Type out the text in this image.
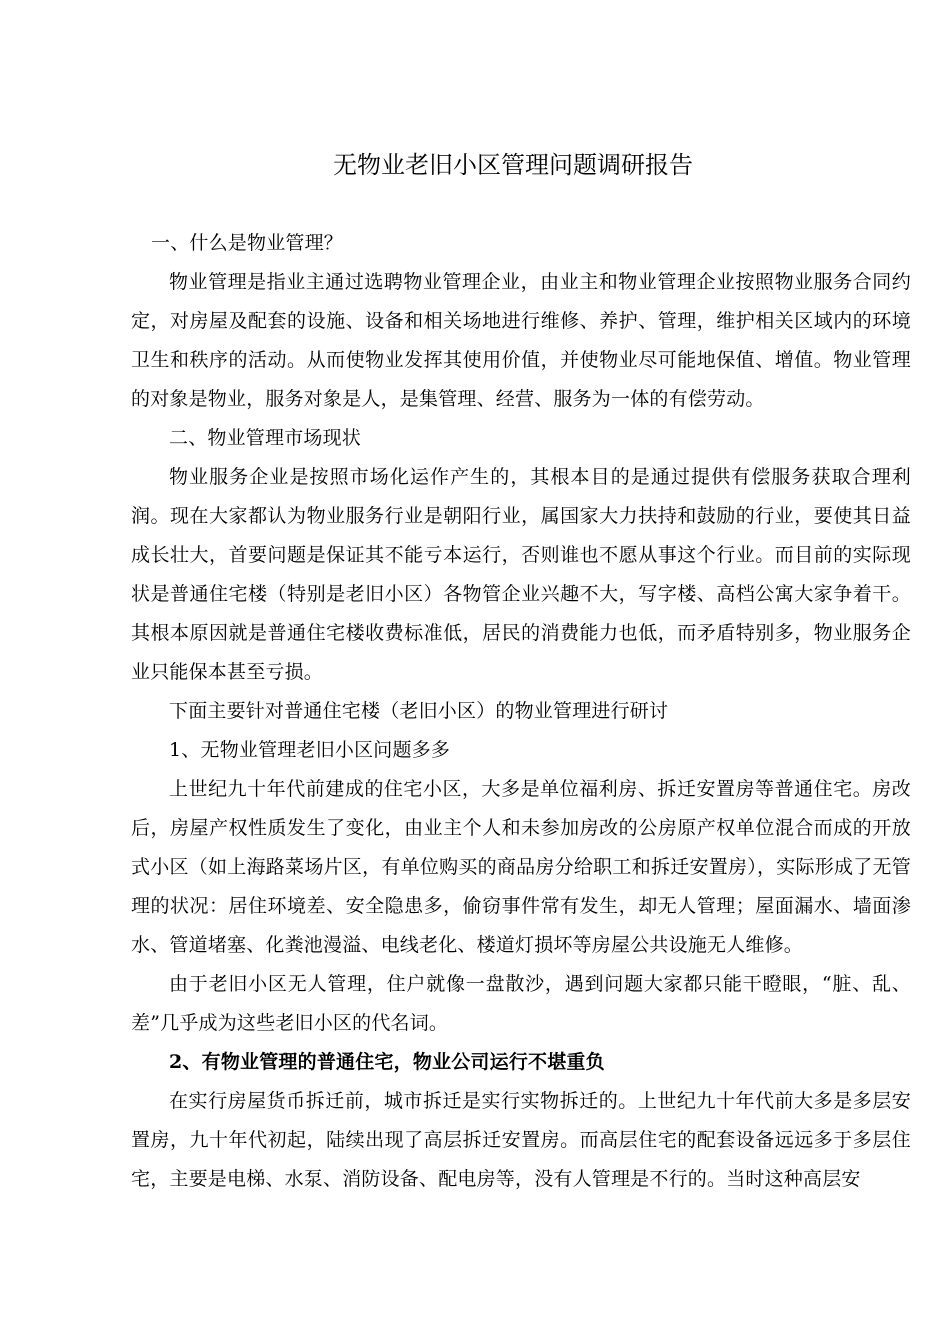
无物业老旧小区管理问题调研报告

一、什么是物业管理？

物业管理是指业主通过选聘物业管理企业，由业主和物业管理企业按照物业服务合同约定，对房屋及配套的设施、设备和相关场地进行维修、养护、管理，维护相关区域内的环境卫生和秩序的活动。从而使物业发挥其使用价值，并使物业尽可能地保值、增值。物业管理的对象是物业，服务对象是人，是集管理、经营、服务为一体的有偿劳动。

二、物业管理市场现状

物业服务企业是按照市场化运作产生的，其根本目的是通过提供有偿服务获取合理利润。现在大家都认为物业服务行业是朝阳行业，属国家大力扶持和鼓励的行业，要使其日益成长壮大，首要问题是保证其不能亏本运行，否则谁也不愿从事这个行业。而目前的实际现状是普通住宅楼（特别是老旧小区）各物管企业兴趣不大，写字楼、高档公寓大家争着干。其根本原因就是普通住宅楼收费标准低，居民的消费能力也低，而矛盾特别多，物业服务企业只能保本甚至亏损。

下面主要针对普通住宅楼（老旧小区）的物业管理进行研讨

1、无物业管理老旧小区问题多多

上世纪九十年代前建成的住宅小区，大多是单位福利房、拆迁安置房等普通住宅。房改后，房屋产权性质发生了变化，由业主个人和未参加房改的公房原产权单位混合而成的开放式小区（如上海路菜场片区，有单位购买的商品房分给职工和拆迁安置房），实际形成了无管理的状况：居住环境差、安全隐患多，偷窃事件常有发生，却无人管理；屋面漏水、墙面渗水、管道堵塞、化粪池漫溢、电线老化、楼道灯损坏等房屋公共设施无人维修。

由于老旧小区无人管理，住户就像一盘散沙，遇到问题大家都只能干瞪眼，“脏、乱、差”几乎成为这些老旧小区的代名词。

2、有物业管理的普通住宅，物业公司运行不堪重负

在实行房屋货币拆迁前，城市拆迁是实行实物拆迁的。上世纪九十年代前大多是多层安置房，九十年代初起，陆续出现了高层拆迁安置房。而高层住宅的配套设备远远多于多层住宅，主要是电梯、水泵、消防设备、配电房等，没有人管理是不行的。当时这种高层安
